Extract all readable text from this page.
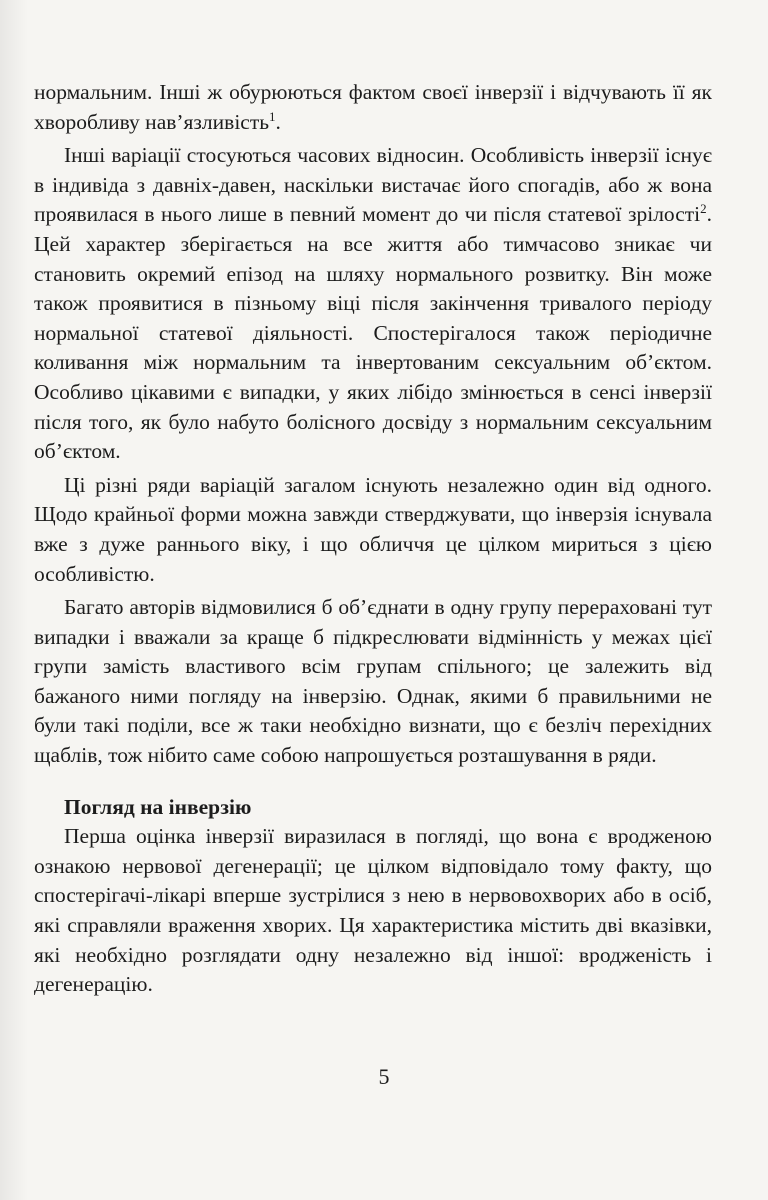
нормальним. Інші ж обурюються фактом своєї інверзії і відчувають її як хворобливу нав’язливість$^1$.

Інші варіації стосуються часових відносин. Особливість інверзії існує в індивіда з давніх-давен, наскільки вистачає його спогадів, або ж вона проявилася в нього лише в певний момент до чи після статевої зрілості$^2$. Цей характер зберігається на все життя або тимчасово зникає чи становить окремий епізод на шляху нормального розвитку. Він може також проявитися в пізньому віці після закінчення тривалого періоду нормальної статевої діяльності. Спостерігалося також періодичне коливання між нормальним та інвертованим сексуальним об’єктом. Особливо цікавими є випадки, у яких лібідо змінюється в сенсі інверзії після того, як було набуто болісного досвіду з нормальним сексуальним об’єктом.

Ці різні ряди варіацій загалом існують незалежно один від одного. Щодо крайньої форми можна завжди стверджувати, що інверзія існувала вже з дуже раннього віку, і що обличчя це цілком мириться з цією особливістю.

Багато авторів відмовилися б об’єднати в одну групу перераховані тут випадки і вважали за краще б підкреслювати відмінність у межах цієї групи замість властивого всім групам спільного; це залежить від бажаного ними погляду на інверзію. Однак, якими б правильними не були такі поділи, все ж таки необхідно визнати, що є безліч перехідних щаблів, тож нібито саме собою напрошується розташування в ряди.

Погляд на інверзію

Перша оцінка інверзії виразилася в погляді, що вона є вродженою ознакою нервової дегенерації; це цілком відповідало тому факту, що спостерігачі-лікарі вперше зустрілися з нею в нервовохворих або в осіб, які справляли враження хворих. Ця характеристика містить дві вказівки, які необхідно розглядати одну незалежно від іншої: вродженість і дегенерацію.

5
